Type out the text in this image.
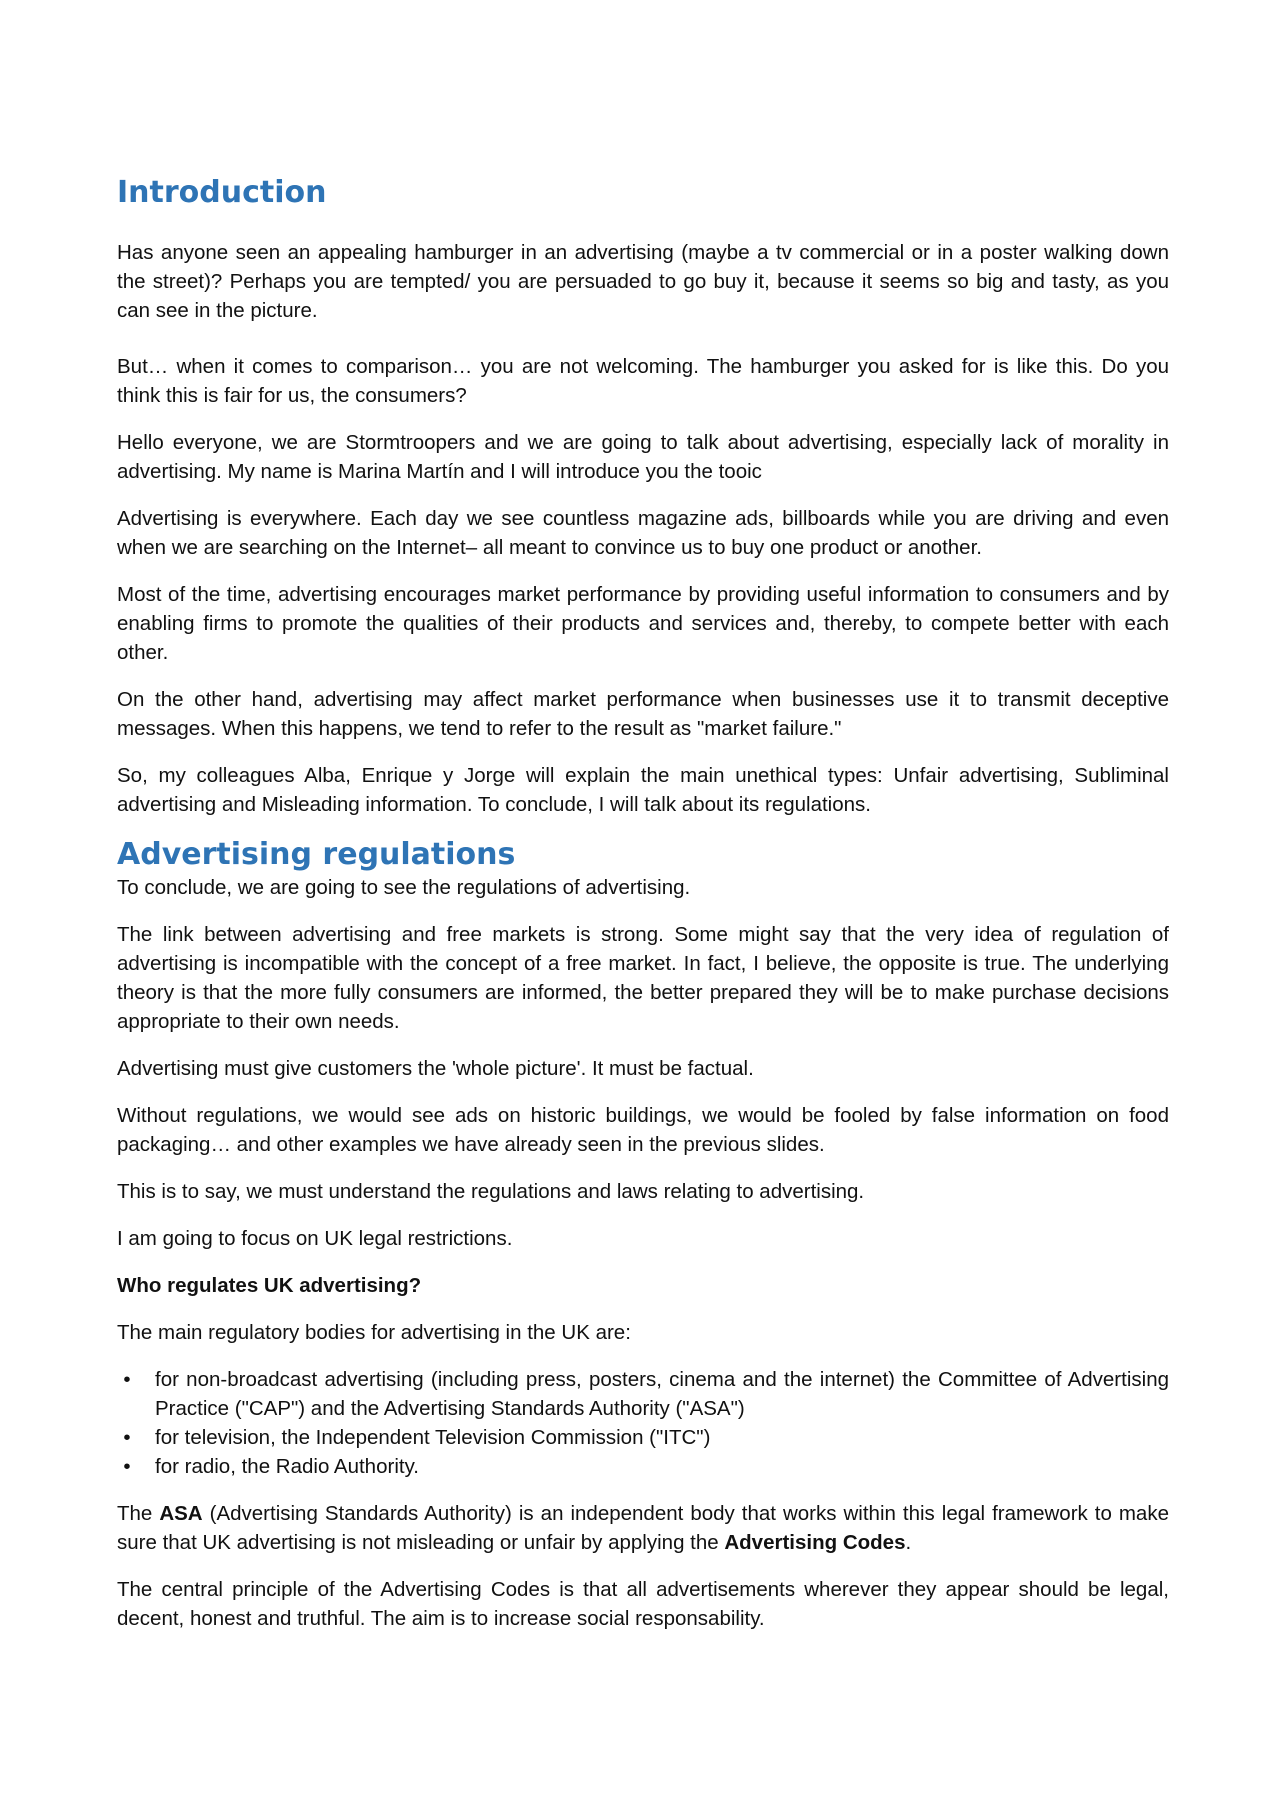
Introduction

Has anyone seen an appealing hamburger in an advertising (maybe a tv commercial or in a poster walking down the street)? Perhaps you are tempted/ you are persuaded to go buy it, because it seems so big and tasty, as you can see in the picture.

But… when it comes to comparison… you are not welcoming. The hamburger you asked for is like this. Do you think this is fair for us, the consumers?

Hello everyone, we are Stormtroopers and we are going to talk about advertising, especially lack of morality in advertising. My name is Marina Martín and I will introduce you the tooic

Advertising is everywhere. Each day we see countless magazine ads, billboards while you are driving and even when we are searching on the Internet– all meant to convince us to buy one product or another.

Most of the time, advertising encourages market performance by providing useful information to consumers and by enabling firms to promote the qualities of their products and services and, thereby, to compete better with each other.

On the other hand, advertising may affect market performance when businesses use it to transmit deceptive messages. When this happens, we tend to refer to the result as "market failure."

So, my colleagues Alba, Enrique y Jorge will explain the main unethical types: Unfair advertising, Subliminal advertising and Misleading information. To conclude, I will talk about its regulations.

Advertising regulations

To conclude, we are going to see the regulations of advertising.

The link between advertising and free markets is strong. Some might say that the very idea of regulation of advertising is incompatible with the concept of a free market. In fact, I believe, the opposite is true. The underlying theory is that the more fully consumers are informed, the better prepared they will be to make purchase decisions appropriate to their own needs.

Advertising must give customers the 'whole picture'. It must be factual.

Without regulations, we would see ads on historic buildings, we would be fooled by false information on food packaging… and other examples we have already seen in the previous slides.

This is to say, we must understand the regulations and laws relating to advertising.

I am going to focus on UK legal restrictions.

Who regulates UK advertising?

The main regulatory bodies for advertising in the UK are:

•	for non-broadcast advertising (including press, posters, cinema and the internet) the Committee of Advertising Practice ("CAP") and the Advertising Standards Authority ("ASA")
•	for television, the Independent Television Commission ("ITC")
•	for radio, the Radio Authority.

The ASA (Advertising Standards Authority) is an independent body that works within this legal framework to make sure that UK advertising is not misleading or unfair by applying the Advertising Codes.

The central principle of the Advertising Codes is that all advertisements wherever they appear should be legal, decent, honest and truthful. The aim is to increase social responsability.
